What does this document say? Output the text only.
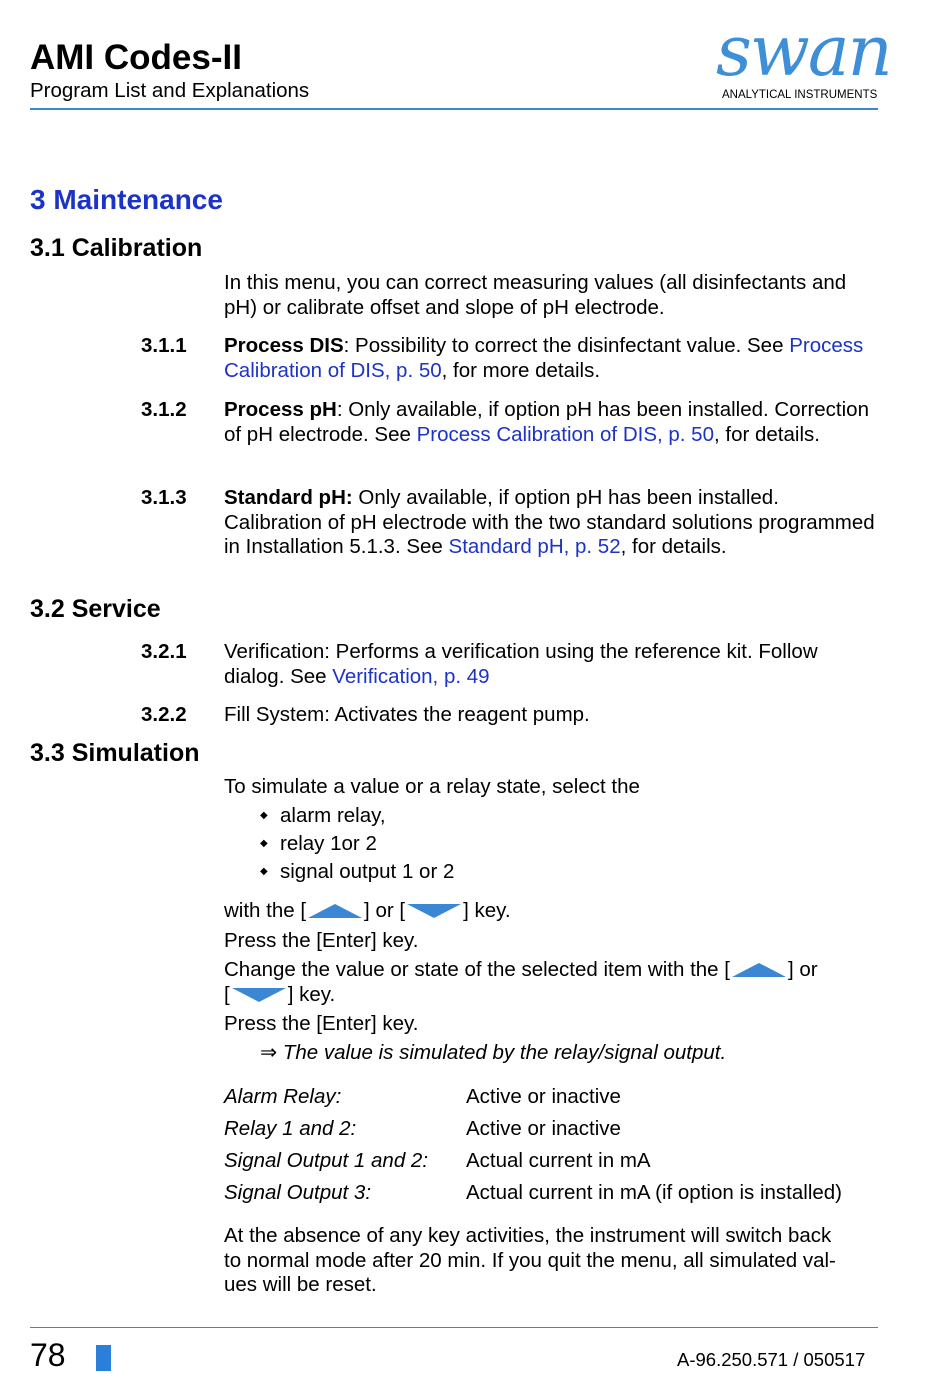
AMI Codes-II
Program List and Explanations	swan
ANALYTICAL INSTRUMENTS
3 Maintenance
3.1 Calibration
In this menu, you can correct measuring values (all disinfectants and pH) or calibrate offset and slope of pH electrode.
3.1.1 Process DIS: Possibility to correct the disinfectant value. See Process Calibration of DIS, p. 50, for more details.
3.1.2 Process pH: Only available, if option pH has been installed. Correction of pH electrode. See Process Calibration of DIS, p. 50, for details.
3.1.3 Standard pH: Only available, if option pH has been installed. Calibration of pH electrode with the two standard solutions programmed in Installation 5.1.3. See Standard pH, p. 52, for details.
3.2 Service
3.2.1 Verification: Performs a verification using the reference kit. Follow dialog. See Verification, p. 49
3.2.2 Fill System: Activates the reagent pump.
3.3 Simulation
To simulate a value or a relay state, select the
◆ alarm relay,
◆ relay 1or 2
◆ signal output 1 or 2
with the [	] or [	] key.
Press the [Enter] key.
Change the value or state of the selected item with the [	] or
[	] key.
Press the [Enter] key.
⇒ The value is simulated by the relay/signal output.
Alarm Relay:	Active or inactive
Relay 1 and 2:	Active or inactive
Signal Output 1 and 2: Actual current in mA
Signal Output 3:	Actual current in mA (if option is installed)
At the absence of any key activities, the instrument will switch back
to normal mode after 20 min. If you quit the menu, all simulated val-
ues will be reset.
78	A-96.250.571 / 050517
